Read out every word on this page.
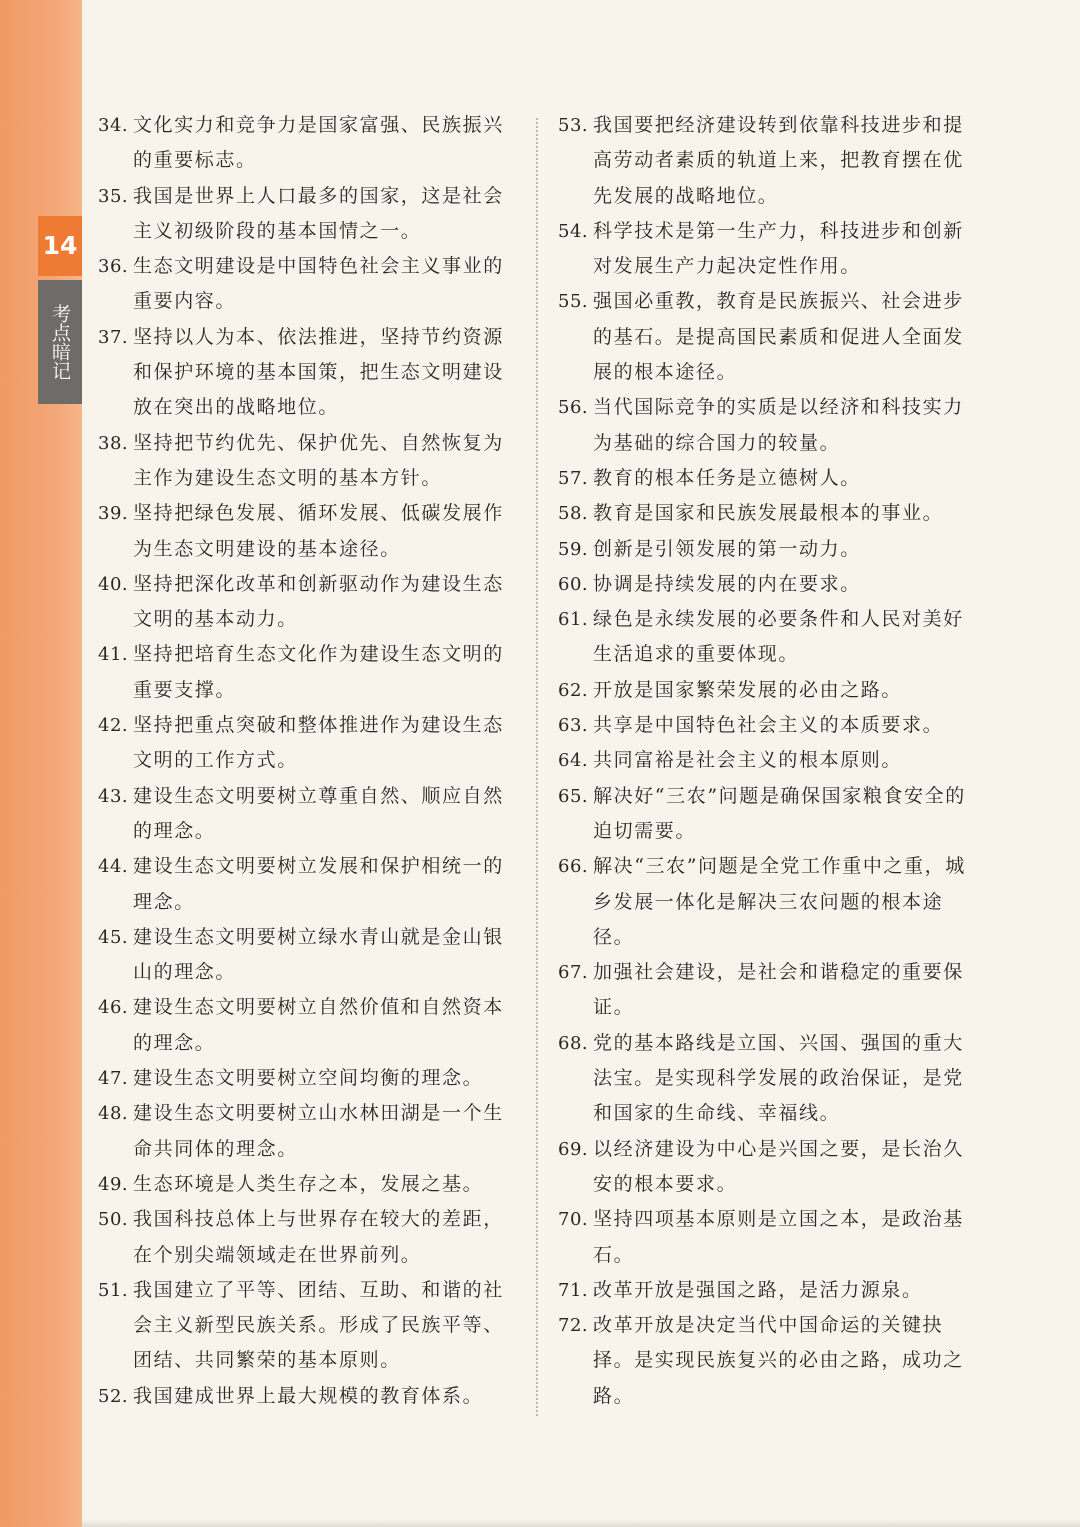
14
考点暗记
34. 文化实力和竞争力是国家富强、民族振兴的重要标志。
35. 我国是世界上人口最多的国家，这是社会主义初级阶段的基本国情之一。
36. 生态文明建设是中国特色社会主义事业的重要内容。
37. 坚持以人为本、依法推进，坚持节约资源和保护环境的基本国策，把生态文明建设放在突出的战略地位。
38. 坚持把节约优先、保护优先、自然恢复为主作为建设生态文明的基本方针。
39. 坚持把绿色发展、循环发展、低碳发展作为生态文明建设的基本途径。
40. 坚持把深化改革和创新驱动作为建设生态文明的基本动力。
41. 坚持把培育生态文化作为建设生态文明的重要支撑。
42. 坚持把重点突破和整体推进作为建设生态文明的工作方式。
43. 建设生态文明要树立尊重自然、顺应自然的理念。
44. 建设生态文明要树立发展和保护相统一的理念。
45. 建设生态文明要树立绿水青山就是金山银山的理念。
46. 建设生态文明要树立自然价值和自然资本的理念。
47. 建设生态文明要树立空间均衡的理念。
48. 建设生态文明要树立山水林田湖是一个生命共同体的理念。
49. 生态环境是人类生存之本，发展之基。
50. 我国科技总体上与世界存在较大的差距，在个别尖端领域走在世界前列。
51. 我国建立了平等、团结、互助、和谐的社会主义新型民族关系。形成了民族平等、团结、共同繁荣的基本原则。
52. 我国建成世界上最大规模的教育体系。
53. 我国要把经济建设转到依靠科技进步和提高劳动者素质的轨道上来，把教育摆在优先发展的战略地位。
54. 科学技术是第一生产力，科技进步和创新对发展生产力起决定性作用。
55. 强国必重教，教育是民族振兴、社会进步的基石。是提高国民素质和促进人全面发展的根本途径。
56. 当代国际竞争的实质是以经济和科技实力为基础的综合国力的较量。
57. 教育的根本任务是立德树人。
58. 教育是国家和民族发展最根本的事业。
59. 创新是引领发展的第一动力。
60. 协调是持续发展的内在要求。
61. 绿色是永续发展的必要条件和人民对美好生活追求的重要体现。
62. 开放是国家繁荣发展的必由之路。
63. 共享是中国特色社会主义的本质要求。
64. 共同富裕是社会主义的根本原则。
65. 解决好“三农”问题是确保国家粮食安全的迫切需要。
66. 解决“三农”问题是全党工作重中之重，城乡发展一体化是解决三农问题的根本途径。
67. 加强社会建设，是社会和谐稳定的重要保证。
68. 党的基本路线是立国、兴国、强国的重大法宝。是实现科学发展的政治保证，是党和国家的生命线、幸福线。
69. 以经济建设为中心是兴国之要，是长治久安的根本要求。
70. 坚持四项基本原则是立国之本，是政治基石。
71. 改革开放是强国之路，是活力源泉。
72. 改革开放是决定当代中国命运的关键抉择。是实现民族复兴的必由之路，成功之路。
